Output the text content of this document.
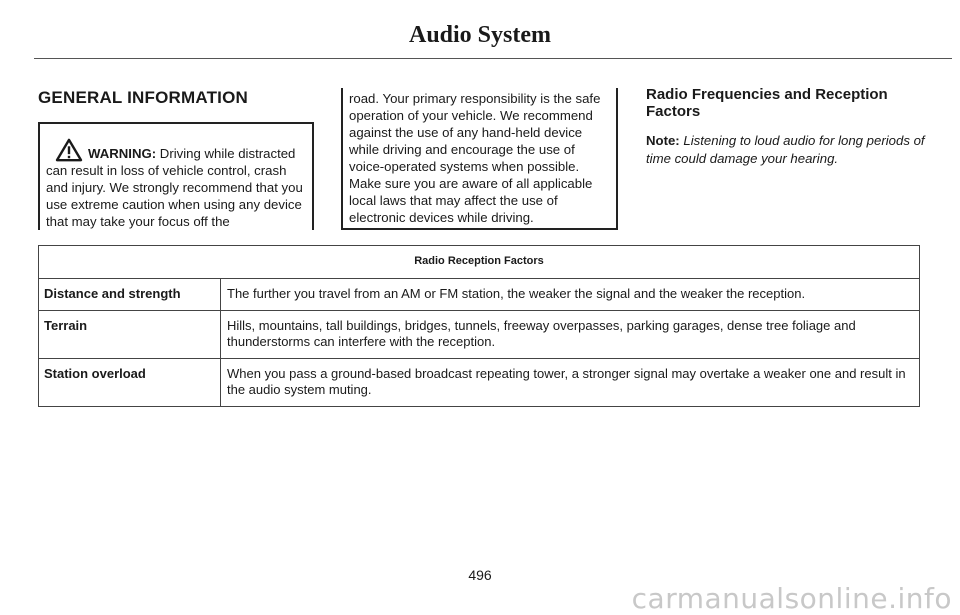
Audio System
GENERAL INFORMATION
WARNING: Driving while distracted can result in loss of vehicle control, crash and injury. We strongly recommend that you use extreme caution when using any device that may take your focus off the
road. Your primary responsibility is the safe operation of your vehicle. We recommend against the use of any hand-held device while driving and encourage the use of voice-operated systems when possible. Make sure you are aware of all applicable local laws that may affect the use of electronic devices while driving.
Radio Frequencies and Reception Factors
Note: Listening to loud audio for long periods of time could damage your hearing.
Radio Reception Factors	
Distance and strength	The further you travel from an AM or FM station, the weaker the signal and the weaker the reception.
Terrain	Hills, mountains, tall buildings, bridges, tunnels, freeway overpasses, parking garages, dense tree foliage and thunderstorms can interfere with the reception.
Station overload	When you pass a ground-based broadcast repeating tower, a stronger signal may overtake a weaker one and result in the audio system muting.
496
carmanualsonline.info
